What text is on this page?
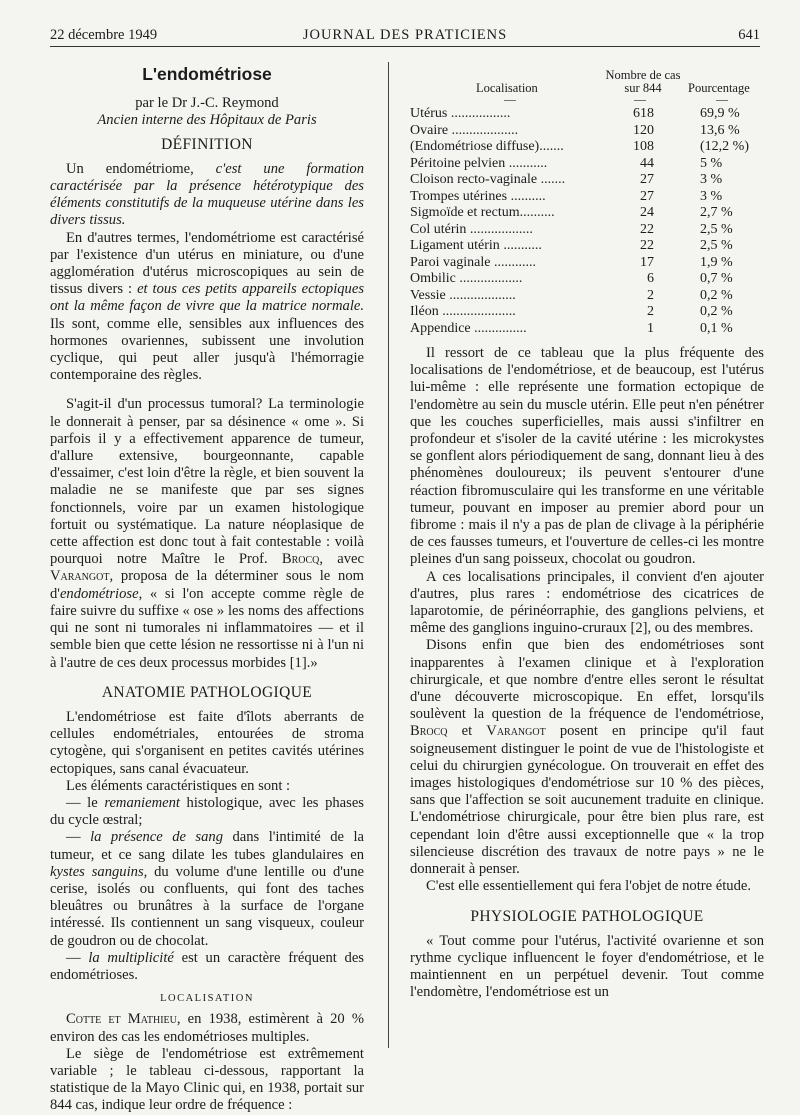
22 décembre 1949	JOURNAL DES PRATICIENS	641
L'endométriose
par le Dr J.-C. Reymond
Ancien interne des Hôpitaux de Paris
DÉFINITION

Un endométriome, c'est une formation caractérisée par la présence hétérotypique des éléments constitutifs de la muqueuse utérine dans les divers tissus.

En d'autres termes, l'endométriome est caractérisé par l'existence d'un utérus en miniature, ou d'une agglomération d'utérus microscopiques au sein de tissus divers : et tous ces petits appareils ectopiques ont la même façon de vivre que la matrice normale. Ils sont, comme elle, sensibles aux influences des hormones ovariennes, subissent une involution cyclique, qui peut aller jusqu'à l'hémorragie contemporaine des règles.

S'agit-il d'un processus tumoral? La terminologie le donnerait à penser, par sa désinence « ome ». Si parfois il y a effectivement apparence de tumeur, d'allure extensive, bourgeonnante, capable d'essaimer, c'est loin d'être la règle, et bien souvent la maladie ne se manifeste que par ses signes fonctionnels, voire par un examen histologique fortuit ou systématique. La nature néoplasique de cette affection est donc tout à fait contestable : voilà pourquoi notre Maître le Prof. Brocq, avec Varangot, proposa de la déterminer sous le nom d'endométriose, « si l'on accepte comme règle de faire suivre du suffixe « ose » les noms des affections qui ne sont ni tumorales ni inflammatoires — et il semble bien que cette lésion ne ressortisse ni à l'un ni à l'autre de ces deux processus morbides [1].»

ANATOMIE PATHOLOGIQUE

L'endométriose est faite d'îlots aberrants de cellules endométriales, entourées de stroma cytogène, qui s'organisent en petites cavités utérines ectopiques, sans canal évacuateur.

Les éléments caractéristiques en sont :

— le remaniement histologique, avec les phases du cycle œstral;

— la présence de sang dans l'intimité de la tumeur, et ce sang dilate les tubes glandulaires en kystes sanguins, du volume d'une lentille ou d'une cerise, isolés ou confluents, qui font des taches bleuâtres ou brunâtres à la surface de l'organe intéressé. Ils contiennent un sang visqueux, couleur de goudron ou de chocolat.

— la multiplicité est un caractère fréquent des endométrioses.

LOCALISATION

Cotte et Mathieu, en 1938, estimèrent à 20 % environ des cas les endométrioses multiples.

Le siège de l'endométriose est extrêmement variable ; le tableau ci-dessous, rapportant la statistique de la Mayo Clinic qui, en 1938, portait sur 844 cas, indique leur ordre de fréquence :

Localisation
Nombre de cas
sur 844	Pourcentage
—	—	—
Utérus .................	618	69,9 %
Ovaire ...................	120	13,6 %
(Endométriose diffuse).......	108	(12,2 %)
Péritoine pelvien ...........	44	5 %
Cloison recto-vaginale .......	27	3 %
Trompes utérines ..........	27	3 %
Sigmoïde et rectum..........	24	2,7 %
Col utérin ..................	22	2,5 %
Ligament utérin ...........	22	2,5 %
Paroi vaginale ............	17	1,9 %
Ombilic ..................	6	0,7 %
Vessie ...................	2	0,2 %
Iléon .....................	2	0,2 %
Appendice ...............	1	0,1 %

Il ressort de ce tableau que la plus fréquente des localisations de l'endométriose, et de beaucoup, est l'utérus lui-même : elle représente une formation ectopique de l'endomètre au sein du muscle utérin. Elle peut n'en pénétrer que les couches superficielles, mais aussi s'infiltrer en profondeur et s'isoler de la cavité utérine : les microkystes se gonflent alors périodiquement de sang, donnant lieu à des phénomènes douloureux; ils peuvent s'entourer d'une réaction fibromusculaire qui les transforme en une véritable tumeur, pouvant en imposer au premier abord pour un fibrome : mais il n'y a pas de plan de clivage à la périphérie de ces fausses tumeurs, et l'ouverture de celles-ci les montre pleines d'un sang poisseux, chocolat ou goudron.

A ces localisations principales, il convient d'en ajouter d'autres, plus rares : endométriose des cicatrices de laparotomie, de périnéorraphie, des ganglions pelviens, et même des ganglions inguino-cruraux [2], ou des membres.

Disons enfin que bien des endométrioses sont inapparentes à l'examen clinique et à l'exploration chirurgicale, et que nombre d'entre elles seront le résultat d'une découverte microscopique. En effet, lorsqu'ils soulèvent la question de la fréquence de l'endométriose, Brocq et Varangot posent en principe qu'il faut soigneusement distinguer le point de vue de l'histologiste et celui du chirurgien gynécologue. On trouverait en effet des images histologiques d'endométriose sur 10 % des pièces, sans que l'affection se soit aucunement traduite en clinique. L'endométriose chirurgicale, pour être bien plus rare, est cependant loin d'être aussi exceptionnelle que « la trop silencieuse discrétion des travaux de notre pays » ne le donnerait à penser.

C'est elle essentiellement qui fera l'objet de notre étude.

PHYSIOLOGIE PATHOLOGIQUE

« Tout comme pour l'utérus, l'activité ovarienne et son rythme cyclique influencent le foyer d'endométriose, et le maintiennent en un perpétuel devenir. Tout comme l'endomètre, l'endométriose est un
